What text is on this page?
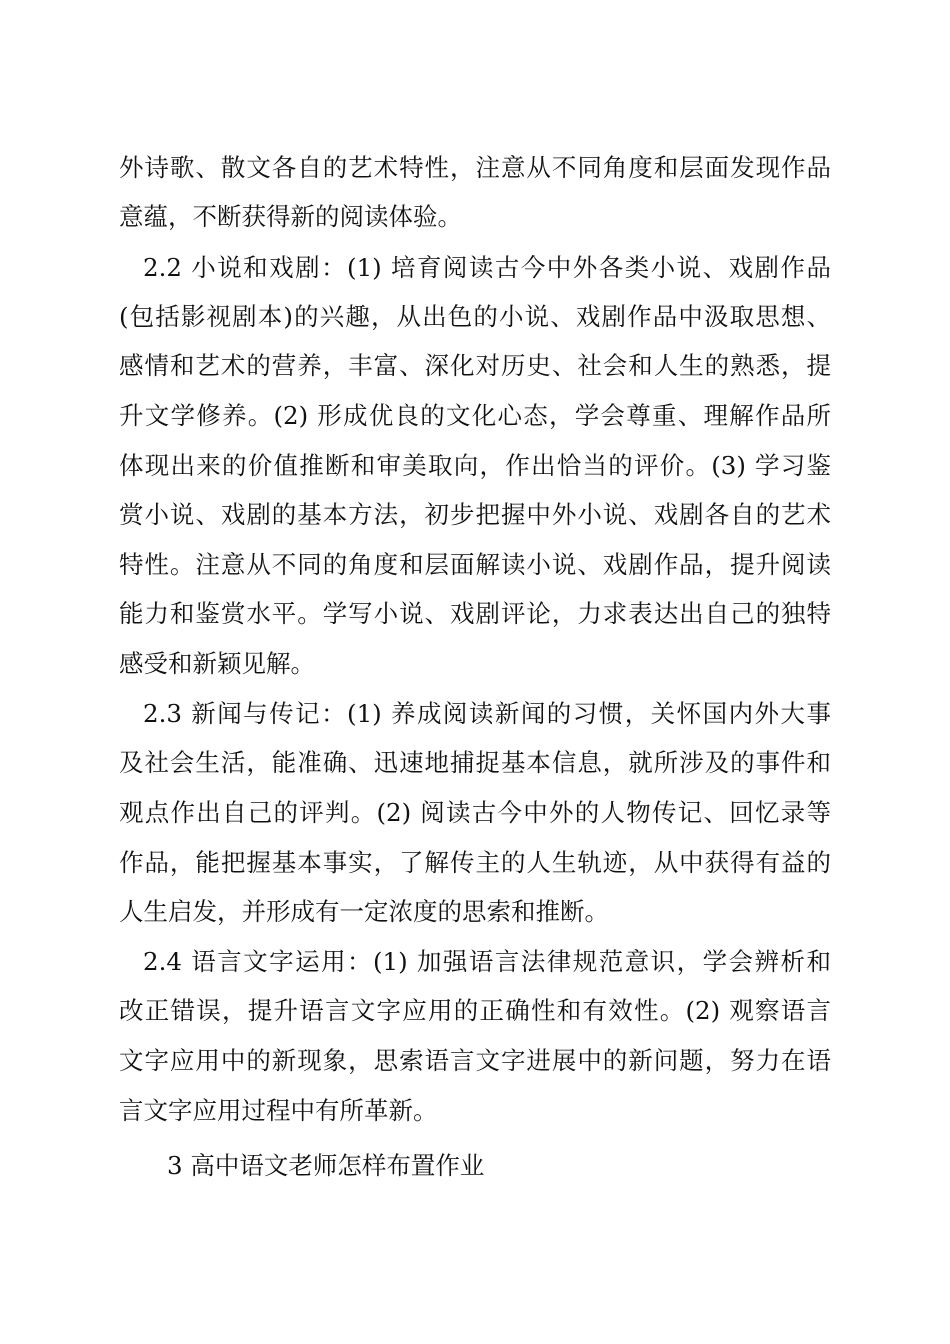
外诗歌、散文各自的艺术特性，注意从不同角度和层面发现作品
意蕴，不断获得新的阅读体验。
2.2 小说和戏剧：(1) 培育阅读古今中外各类小说、戏剧作品
(包括影视剧本)的兴趣，从出色的小说、戏剧作品中汲取思想、
感情和艺术的营养，丰富、深化对历史、社会和人生的熟悉，提
升文学修养。(2) 形成优良的文化心态，学会尊重、理解作品所
体现出来的价值推断和审美取向，作出恰当的评价。(3) 学习鉴
赏小说、戏剧的基本方法，初步把握中外小说、戏剧各自的艺术
特性。注意从不同的角度和层面解读小说、戏剧作品，提升阅读
能力和鉴赏水平。学写小说、戏剧评论，力求表达出自己的独特
感受和新颖见解。
2.3 新闻与传记：(1) 养成阅读新闻的习惯，关怀国内外大事
及社会生活，能准确、迅速地捕捉基本信息，就所涉及的事件和
观点作出自己的评判。(2) 阅读古今中外的人物传记、回忆录等
作品，能把握基本事实，了解传主的人生轨迹，从中获得有益的
人生启发，并形成有一定浓度的思索和推断。
2.4 语言文字运用：(1) 加强语言法律规范意识，学会辨析和
改正错误，提升语言文字应用的正确性和有效性。(2) 观察语言
文字应用中的新现象，思索语言文字进展中的新问题，努力在语
言文字应用过程中有所革新。
3 高中语文老师怎样布置作业
